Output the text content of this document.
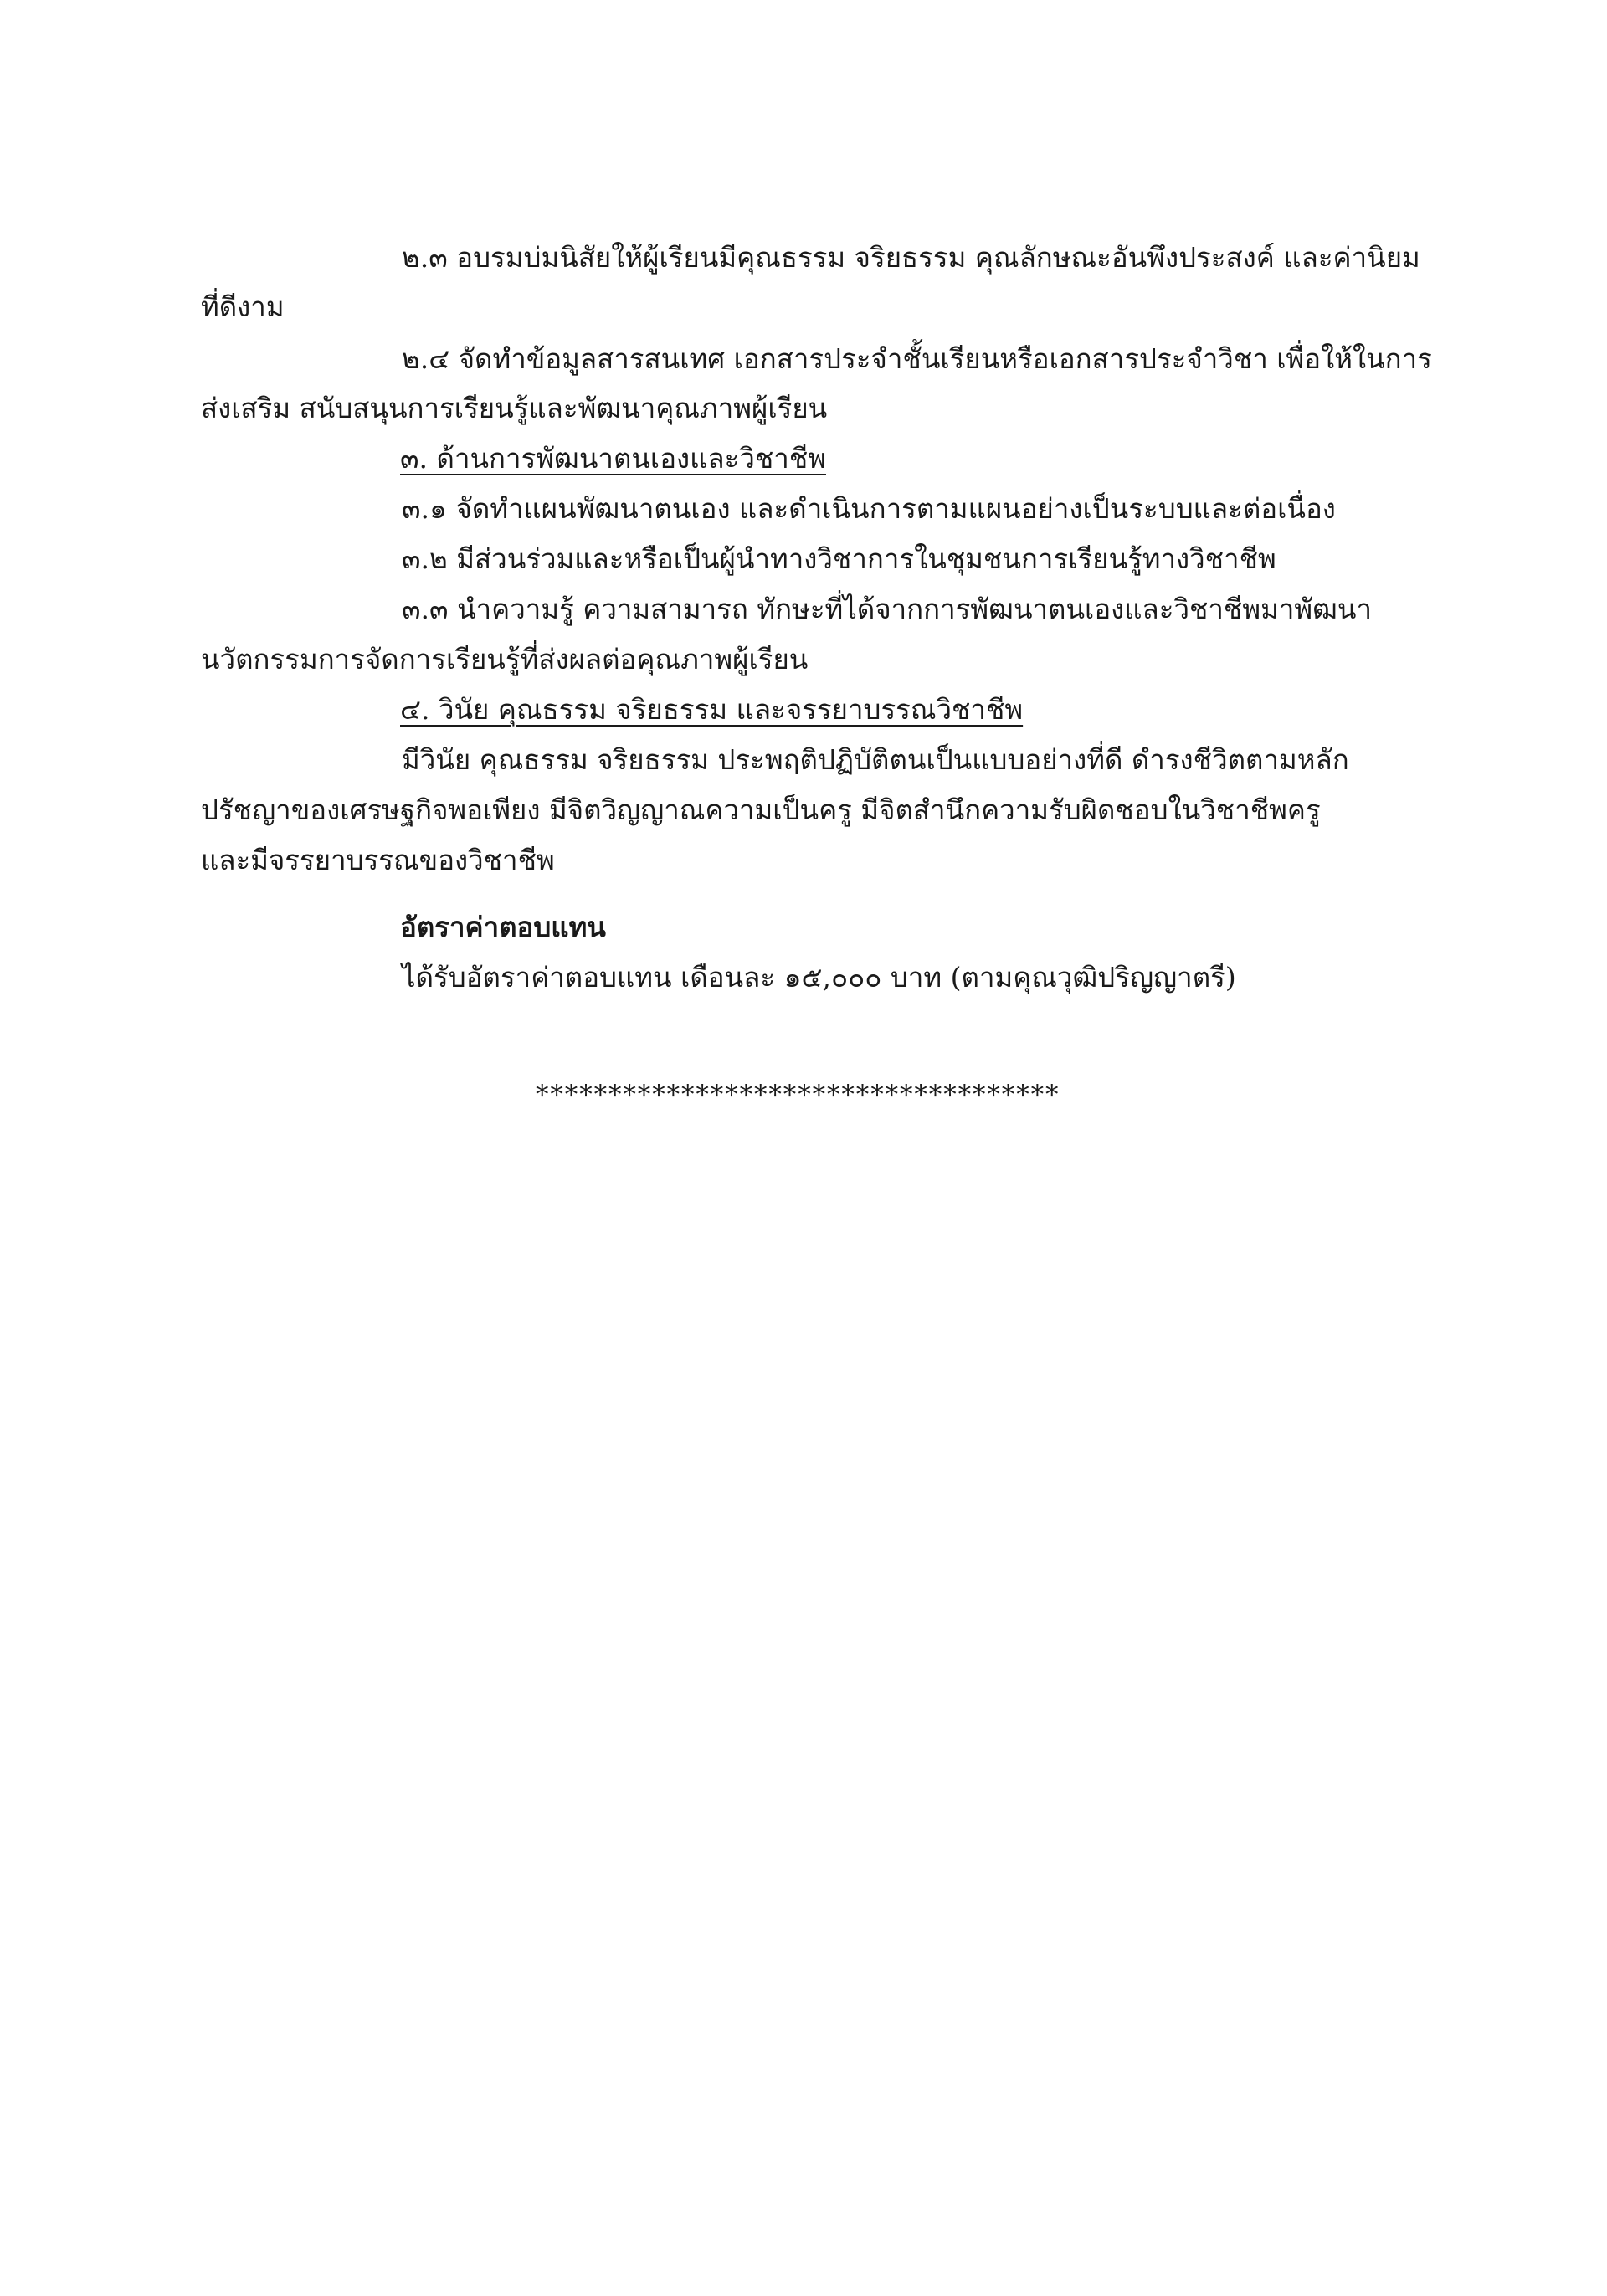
๒.๓ อบรมบ่มนิสัยให้ผู้เรียนมีคุณธรรม จริยธรรม คุณลักษณะอันพึงประสงค์ และค่านิยม
ที่ดีงาม
๒.๔ จัดทำข้อมูลสารสนเทศ เอกสารประจำชั้นเรียนหรือเอกสารประจำวิชา เพื่อให้ในการ
ส่งเสริม สนับสนุนการเรียนรู้และพัฒนาคุณภาพผู้เรียน
๓. ด้านการพัฒนาตนเองและวิชาชีพ
๓.๑ จัดทำแผนพัฒนาตนเอง และดำเนินการตามแผนอย่างเป็นระบบและต่อเนื่อง
๓.๒ มีส่วนร่วมและหรือเป็นผู้นำทางวิชาการในชุมชนการเรียนรู้ทางวิชาชีพ
๓.๓ นำความรู้ ความสามารถ ทักษะที่ได้จากการพัฒนาตนเองและวิชาชีพมาพัฒนา
นวัตกรรมการจัดการเรียนรู้ที่ส่งผลต่อคุณภาพผู้เรียน
๔. วินัย คุณธรรม จริยธรรม และจรรยาบรรณวิชาชีพ
มีวินัย คุณธรรม จริยธรรม ประพฤติปฏิบัติตนเป็นแบบอย่างที่ดี ดำรงชีวิตตามหลัก
ปรัชญาของเศรษฐกิจพอเพียง มีจิตวิญญาณความเป็นครู มีจิตสำนึกความรับผิดชอบในวิชาชีพครู
และมีจรรยาบรรณของวิชาชีพ
อัตราค่าตอบแทน
ได้รับอัตราค่าตอบแทน เดือนละ ๑๕,๐๐๐ บาท (ตามคุณวุฒิปริญญาตรี)
************************************
